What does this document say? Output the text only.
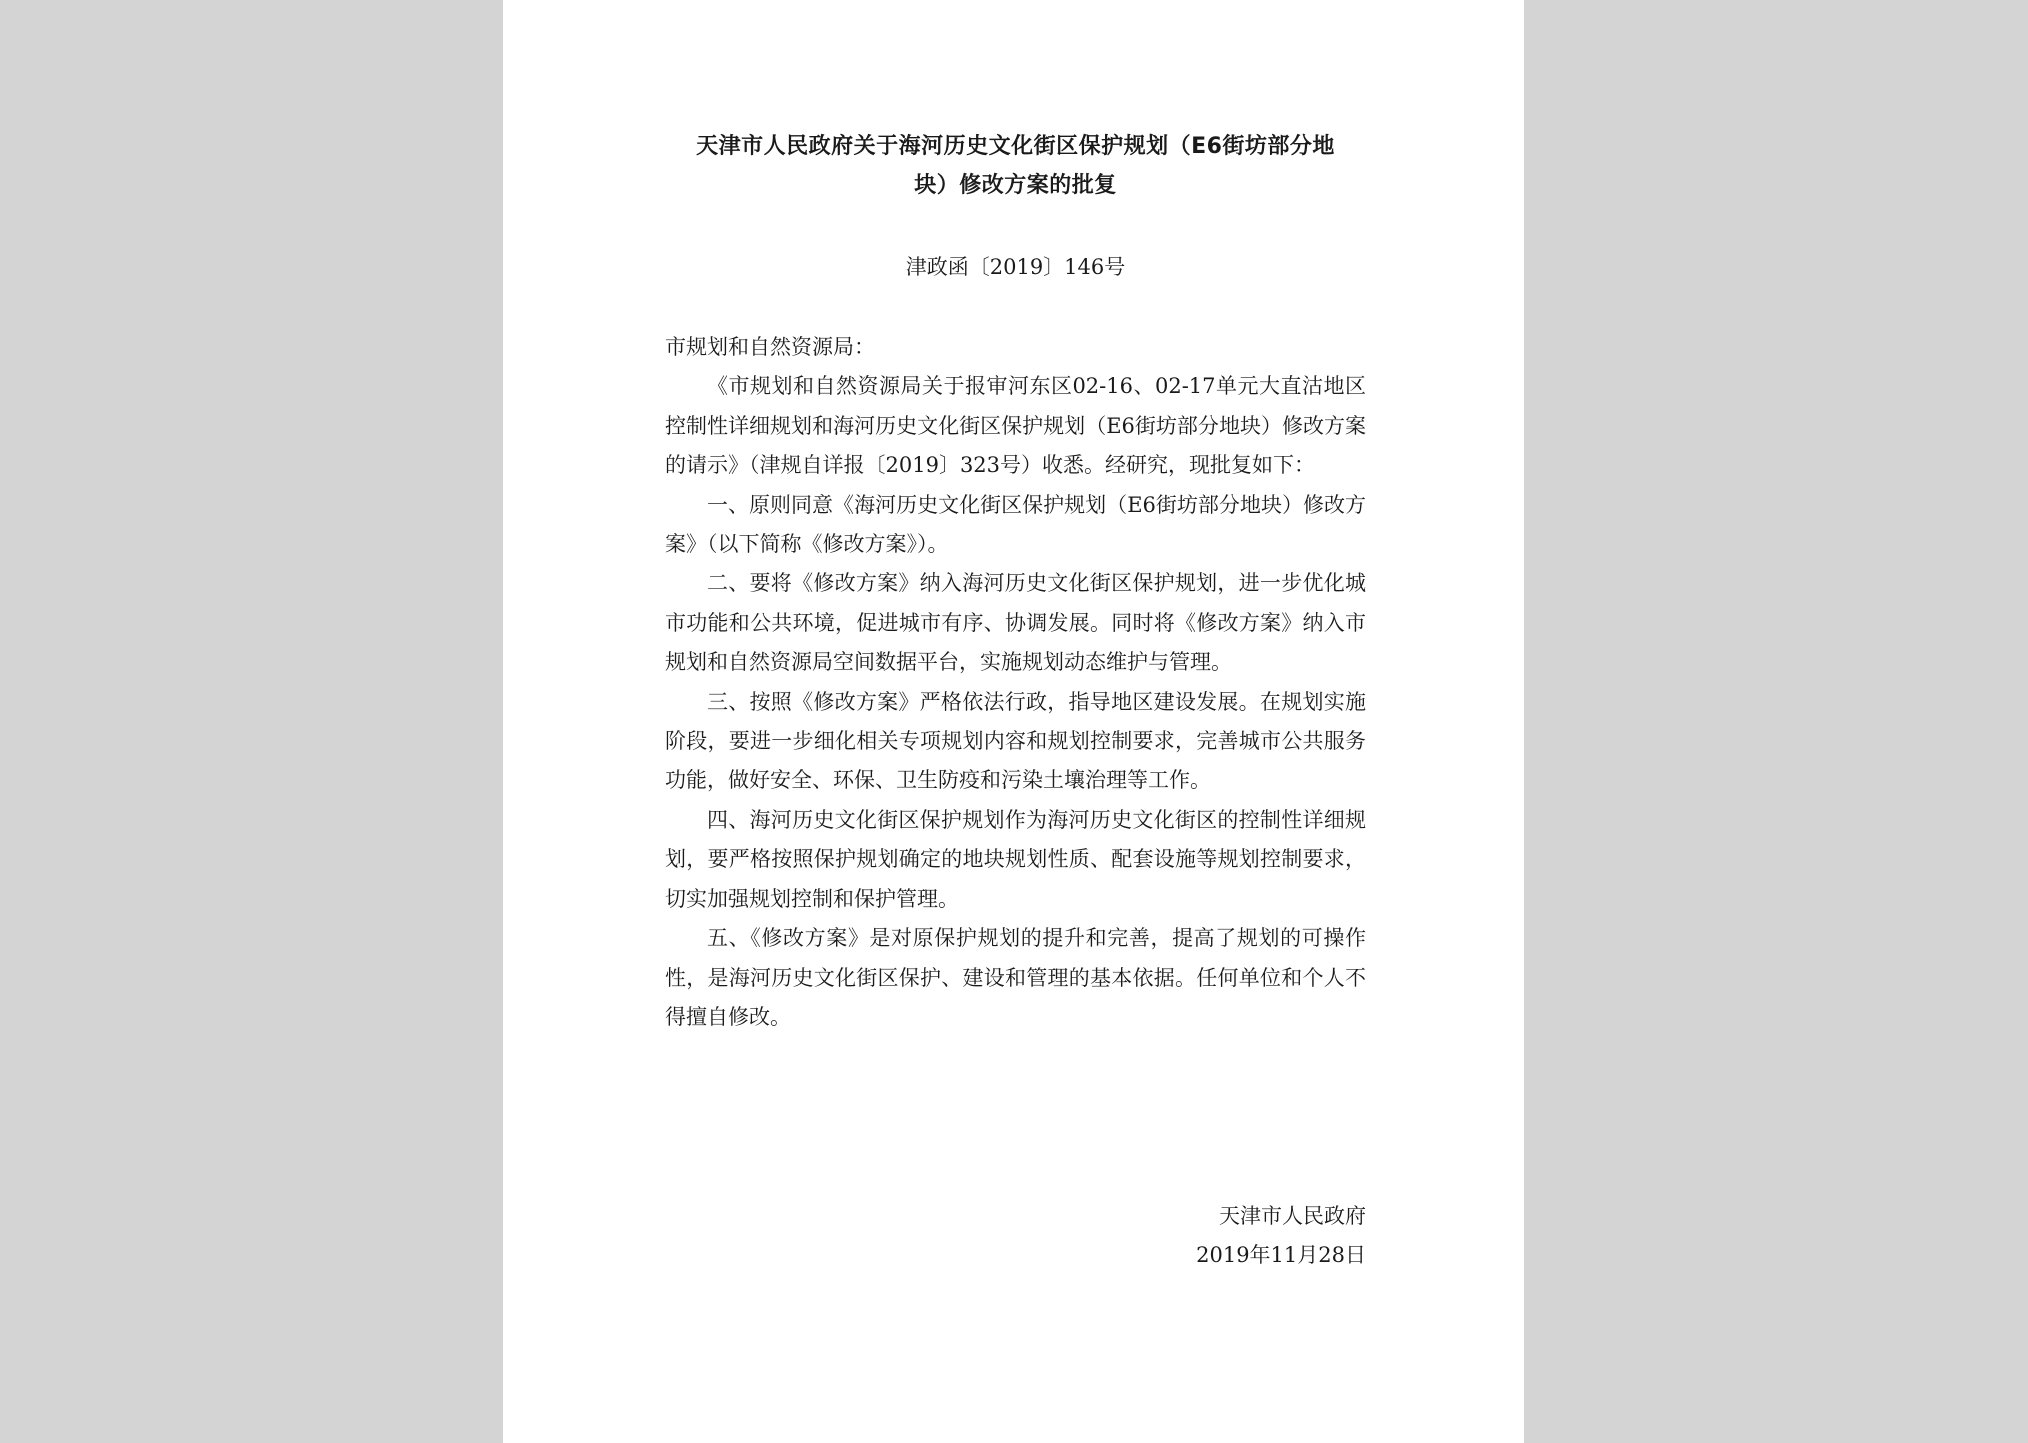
天津市人民政府关于海河历史文化街区保护规划（E6街坊部分地
块）修改方案的批复
津政函〔2019〕146号

市规划和自然资源局：

《市规划和自然资源局关于报审河东区02-16、02-17单元大直沽地区控制性详细规划和海河历史文化街区保护规划（E6街坊部分地块）修改方案的请示》（津规自详报〔2019〕323号）收悉。经研究，现批复如下：

一、原则同意《海河历史文化街区保护规划（E6街坊部分地块）修改方案》（以下简称《修改方案》）。

二、要将《修改方案》纳入海河历史文化街区保护规划，进一步优化城市功能和公共环境，促进城市有序、协调发展。同时将《修改方案》纳入市规划和自然资源局空间数据平台，实施规划动态维护与管理。

三、按照《修改方案》严格依法行政，指导地区建设发展。在规划实施阶段，要进一步细化相关专项规划内容和规划控制要求，完善城市公共服务功能，做好安全、环保、卫生防疫和污染土壤治理等工作。

四、海河历史文化街区保护规划作为海河历史文化街区的控制性详细规划，要严格按照保护规划确定的地块规划性质、配套设施等规划控制要求，切实加强规划控制和保护管理。

五、《修改方案》是对原保护规划的提升和完善，提高了规划的可操作性，是海河历史文化街区保护、建设和管理的基本依据。任何单位和个人不得擅自修改。

天津市人民政府
2019年11月28日
